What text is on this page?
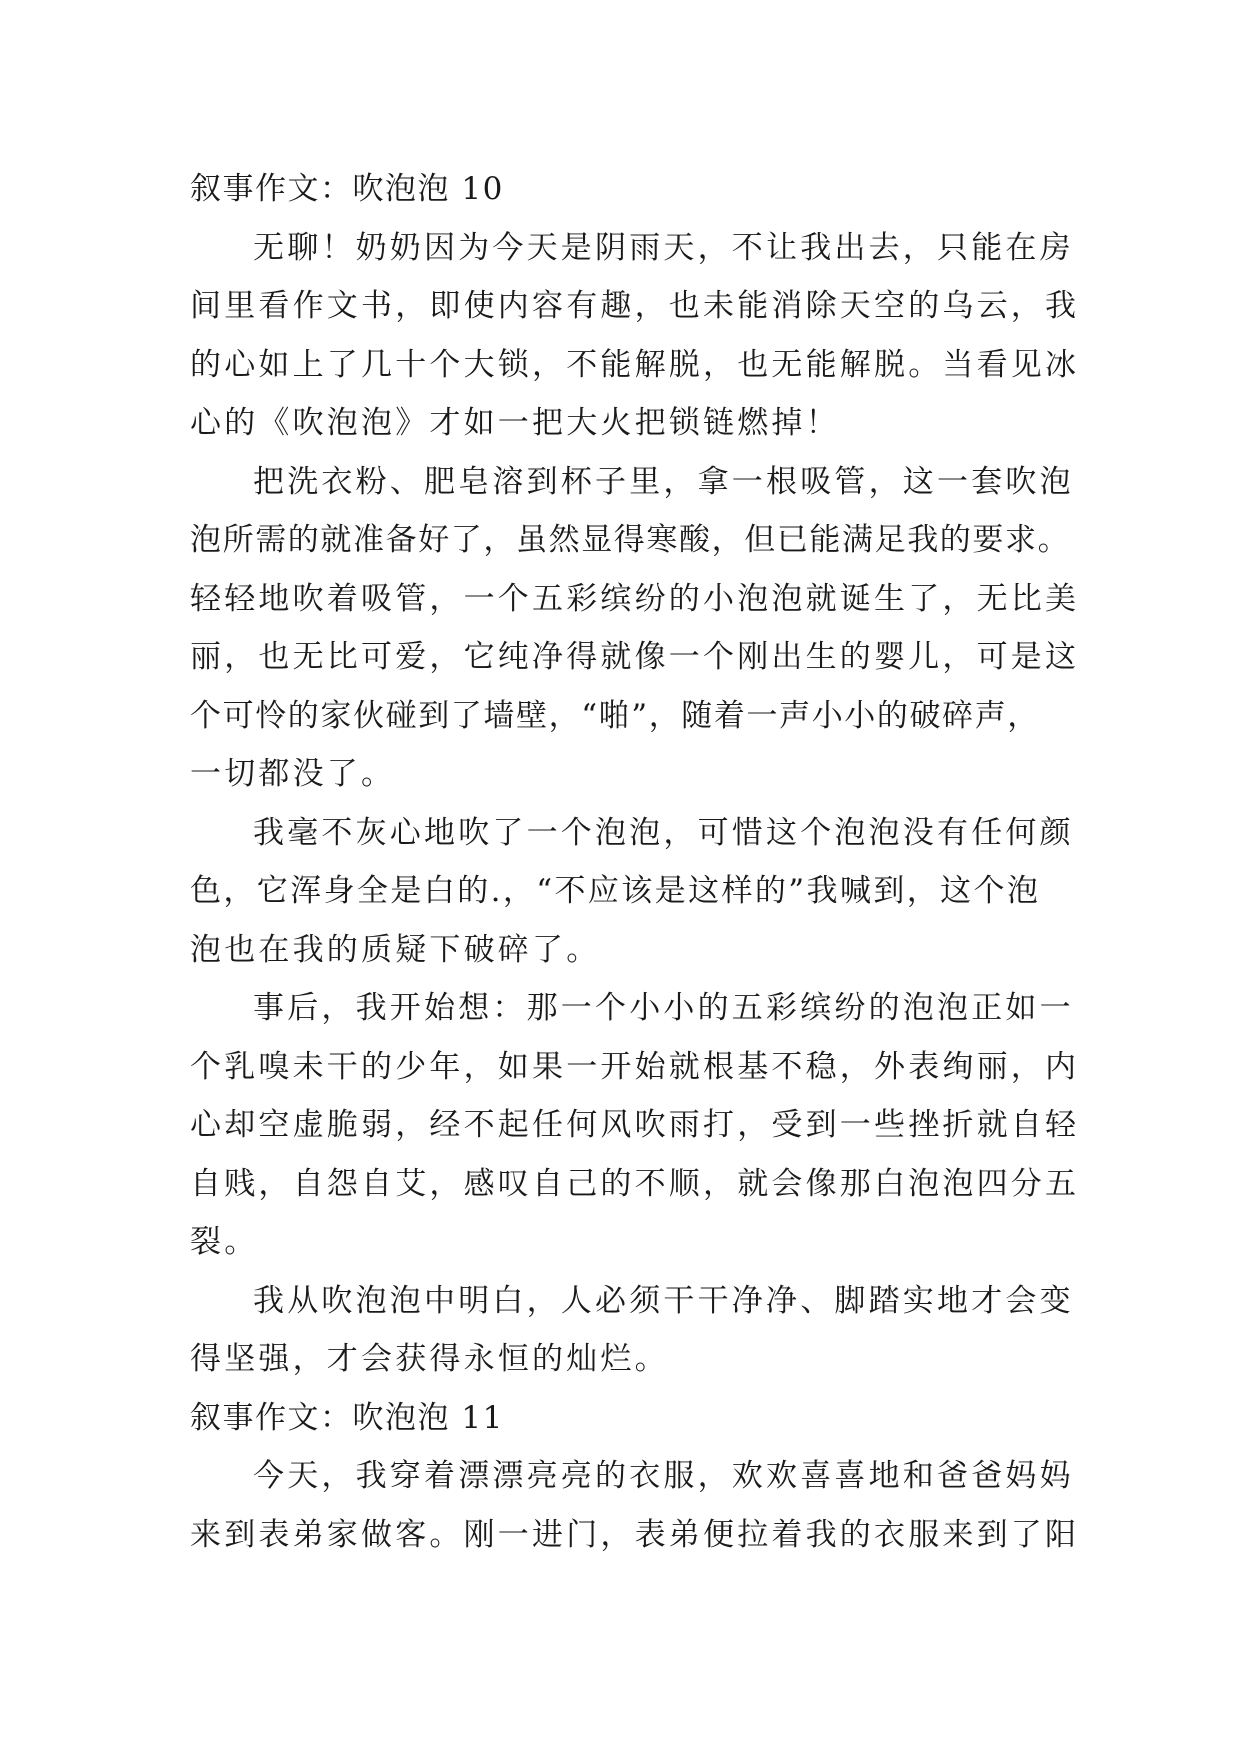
叙事作文：吹泡泡 10
无聊！奶奶因为今天是阴雨天，不让我出去，只能在房
间里看作文书，即使内容有趣，也未能消除天空的乌云，我
的心如上了几十个大锁，不能解脱，也无能解脱。当看见冰
心的《吹泡泡》才如一把大火把锁链燃掉！
把洗衣粉、肥皂溶到杯子里，拿一根吸管，这一套吹泡
泡所需的就准备好了，虽然显得寒酸，但已能满足我的要求。
轻轻地吹着吸管，一个五彩缤纷的小泡泡就诞生了，无比美
丽，也无比可爱，它纯净得就像一个刚出生的婴儿，可是这
个可怜的家伙碰到了墙壁，“啪”，随着一声小小的破碎声，
一切都没了。
我毫不灰心地吹了一个泡泡，可惜这个泡泡没有任何颜
色，它浑身全是白的.，“不应该是这样的”我喊到，这个泡
泡也在我的质疑下破碎了。
事后，我开始想：那一个小小的五彩缤纷的泡泡正如一
个乳嗅未干的少年，如果一开始就根基不稳，外表绚丽，内
心却空虚脆弱，经不起任何风吹雨打，受到一些挫折就自轻
自贱，自怨自艾，感叹自己的不顺，就会像那白泡泡四分五
裂。
我从吹泡泡中明白，人必须干干净净、脚踏实地才会变
得坚强，才会获得永恒的灿烂。
叙事作文：吹泡泡 11
今天，我穿着漂漂亮亮的衣服，欢欢喜喜地和爸爸妈妈
来到表弟家做客。刚一进门，表弟便拉着我的衣服来到了阳
